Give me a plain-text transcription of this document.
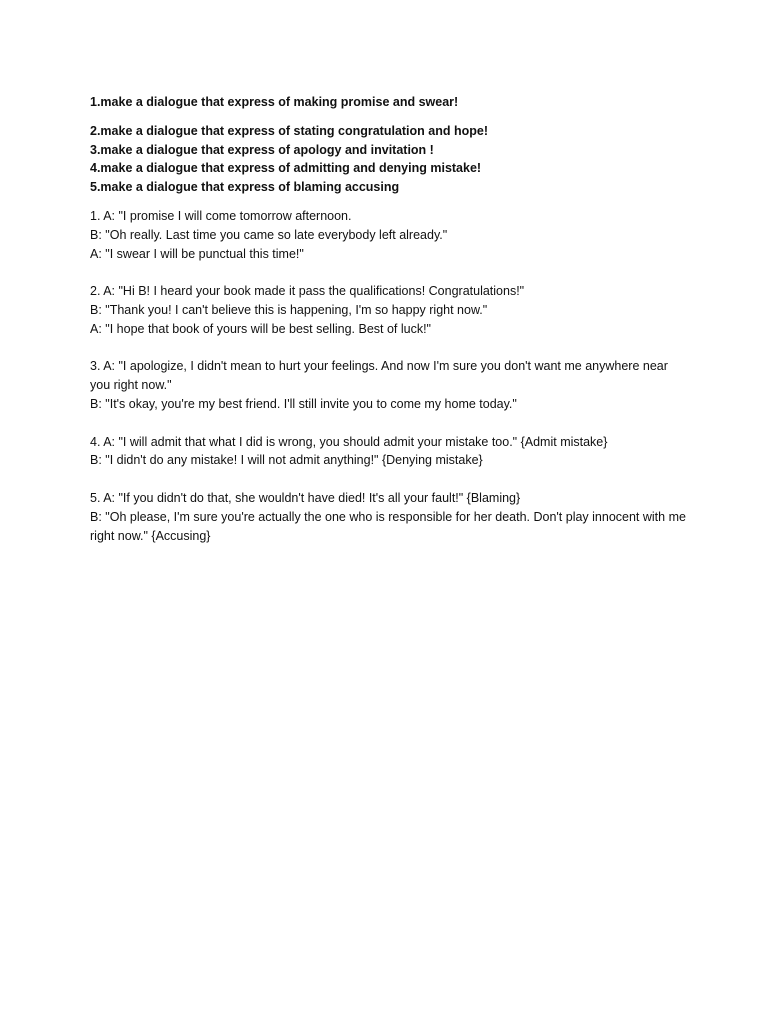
1.make a dialogue that express of making promise and swear!

2.make a dialogue that express of stating congratulation and hope!

3.make a dialogue that express of apology and invitation !

4.make a dialogue that express of admitting and denying mistake!

5.make a dialogue that express of blaming accusing

1. A: "I promise I will come tomorrow afternoon.

B: "Oh really. Last time you came so late everybody left already."

A: "I swear I will be punctual this time!"

2. A: "Hi B! I heard your book made it pass the qualifications! Congratulations!"

B: "Thank you! I can't believe this is happening, I'm so happy right now."

A: "I hope that book of yours will be best selling. Best of luck!"

3. A: "I apologize, I didn't mean to hurt your feelings. And now I'm sure you don't want me anywhere near you right now."

B: "It's okay, you're my best friend. I'll still invite you to come my home today."

4. A: "I will admit that what I did is wrong, you should admit your mistake too." {Admit mistake}

B: "I didn't do any mistake! I will not admit anything!" {Denying mistake}

5. A: "If you didn't do that, she wouldn't have died! It's all your fault!" {Blaming}

B: "Oh please, I'm sure you're actually the one who is responsible for her death. Don't play innocent with me right now." {Accusing}
